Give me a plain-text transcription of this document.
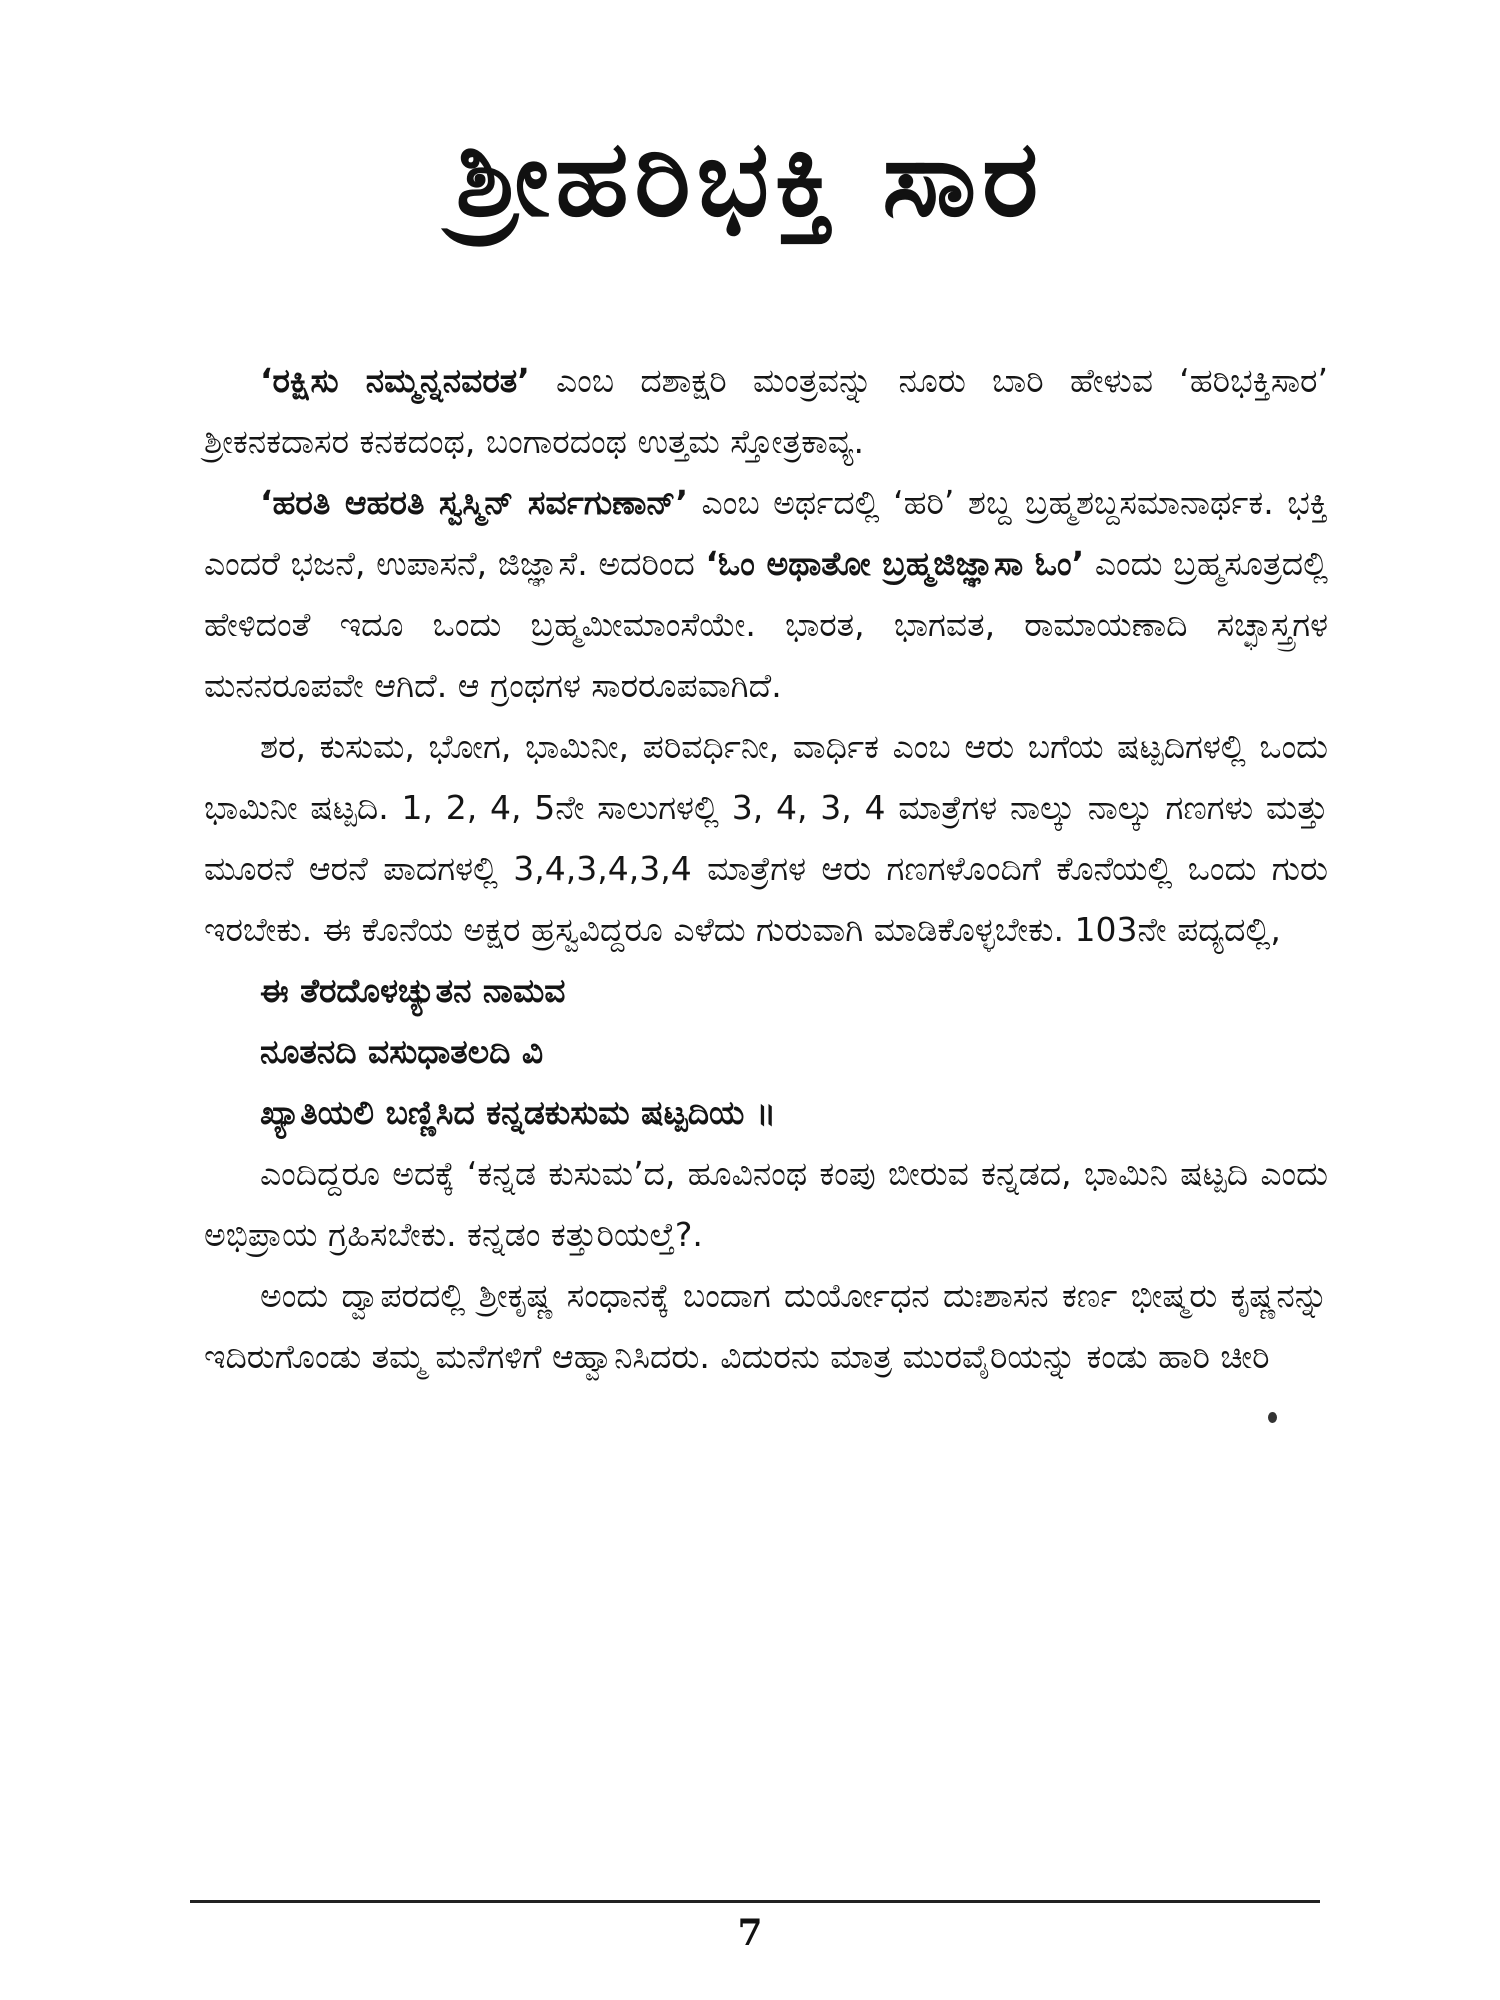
ಶ್ರೀಹರಿಭಕ್ತಿ ಸಾರ

‘ರಕ್ಷಿಸು ನಮ್ಮನ್ನನವರತ’ ಎಂಬ ದಶಾಕ್ಷರಿ ಮಂತ್ರವನ್ನು ನೂರು ಬಾರಿ ಹೇಳುವ ‘ಹರಿಭಕ್ತಿಸಾರ’ ಶ್ರೀಕನಕದಾಸರ ಕನಕದಂಥ, ಬಂಗಾರದಂಥ ಉತ್ತಮ ಸ್ತೋತ್ರಕಾವ್ಯ.

‘ಹರತಿ ಆಹರತಿ ಸ್ವಸ್ಮಿನ್ ಸರ್ವಗುಣಾನ್’ ಎಂಬ ಅರ್ಥದಲ್ಲಿ ‘ಹರಿ’ ಶಬ್ದ ಬ್ರಹ್ಮಶಬ್ದಸಮಾನಾರ್ಥಕ. ಭಕ್ತಿ ಎಂದರೆ ಭಜನೆ, ಉಪಾಸನೆ, ಜಿಜ್ಞಾಸೆ. ಅದರಿಂದ ‘ಓಂ ಅಥಾತೋ ಬ್ರಹ್ಮಜಿಜ್ಞಾಸಾ ಓಂ’ ಎಂದು ಬ್ರಹ್ಮಸೂತ್ರದಲ್ಲಿ ಹೇಳಿದಂತೆ ಇದೂ ಒಂದು ಬ್ರಹ್ಮಮೀಮಾಂಸೆಯೇ. ಭಾರತ, ಭಾಗವತ, ರಾಮಾಯಣಾದಿ ಸಚ್ಛಾಸ್ತ್ರಗಳ ಮನನರೂಪವೇ ಆಗಿದೆ. ಆ ಗ್ರಂಥಗಳ ಸಾರರೂಪವಾಗಿದೆ.

ಶರ, ಕುಸುಮ, ಭೋಗ, ಭಾಮಿನೀ, ಪರಿವರ್ಧಿನೀ, ವಾರ್ಧಿಕ ಎಂಬ ಆರು ಬಗೆಯ ಷಟ್ಪದಿಗಳಲ್ಲಿ ಒಂದು ಭಾಮಿನೀ ಷಟ್ಪದಿ. 1, 2, 4, 5ನೇ ಸಾಲುಗಳಲ್ಲಿ 3, 4, 3, 4 ಮಾತ್ರೆಗಳ ನಾಲ್ಕು ನಾಲ್ಕು ಗಣಗಳು ಮತ್ತು ಮೂರನೆ ಆರನೆ ಪಾದಗಳಲ್ಲಿ 3,4,3,4,3,4 ಮಾತ್ರೆಗಳ ಆರು ಗಣಗಳೊಂದಿಗೆ ಕೊನೆಯಲ್ಲಿ ಒಂದು ಗುರು ಇರಬೇಕು. ಈ ಕೊನೆಯ ಅಕ್ಷರ ಹ್ರಸ್ವವಿದ್ದರೂ ಎಳೆದು ಗುರುವಾಗಿ ಮಾಡಿಕೊಳ್ಳಬೇಕು. 103ನೇ ಪದ್ಯದಲ್ಲಿ,

ಈ ತೆರದೊಳಚ್ಯುತನ ನಾಮವ

ನೂತನದಿ ವಸುಧಾತಲದಿ ವಿ

ಖ್ಯಾತಿಯಲಿ ಬಣ್ಣಿಸಿದ ಕನ್ನಡಕುಸುಮ ಷಟ್ಪದಿಯ ॥

ಎಂದಿದ್ದರೂ ಅದಕ್ಕೆ ‘ಕನ್ನಡ ಕುಸುಮ’ದ, ಹೂವಿನಂಥ ಕಂಪು ಬೀರುವ ಕನ್ನಡದ, ಭಾಮಿನಿ ಷಟ್ಪದಿ ಎಂದು ಅಭಿಪ್ರಾಯ ಗ್ರಹಿಸಬೇಕು. ಕನ್ನಡಂ ಕತ್ತುರಿಯಲ್ತೆ?.

ಅಂದು ದ್ವಾಪರದಲ್ಲಿ ಶ್ರೀಕೃಷ್ಣ ಸಂಧಾನಕ್ಕೆ ಬಂದಾಗ ದುರ್ಯೋಧನ ದುಃಶಾಸನ ಕರ್ಣ ಭೀಷ್ಮರು ಕೃಷ್ಣನನ್ನು ಇದಿರುಗೊಂಡು ತಮ್ಮ ಮನೆಗಳಿಗೆ ಆಹ್ವಾನಿಸಿದರು. ವಿದುರನು ಮಾತ್ರ ಮುರವೈರಿಯನ್ನು ಕಂಡು ಹಾರಿ ಚೀರಿ

7
